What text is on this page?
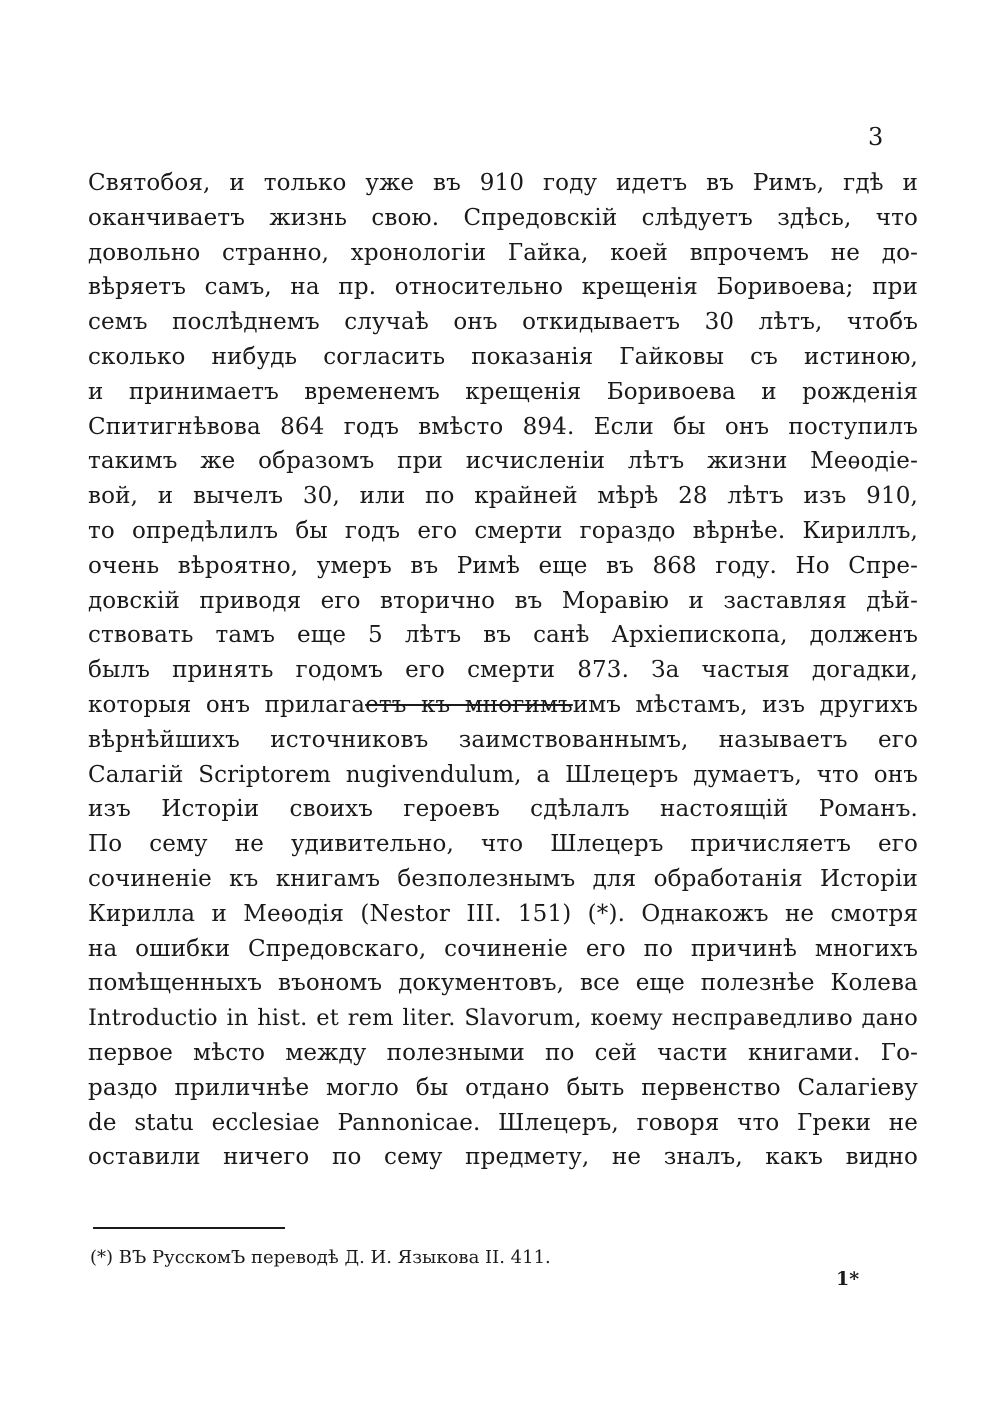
3
Святобоя, и только уже въ 910 году идетъ въ Римъ, гдѣ и
оканчиваетъ жизнь свою. Спредовскій слѣдуетъ здѣсь, что
довольно странно, хронологіи Гайка, коей впрочемъ не до-
вѣряетъ самъ, на пр. относительно крещенія Боривоева; при
семъ послѣднемъ случаѣ онъ откидываетъ 30 лѣтъ, чтобъ
сколько нибудь согласить показанія Гайковы съ истиною,
и принимаетъ временемъ крещенія Боривоева и рожденія
Спитигнѣвова 864 годъ вмѣсто 894. Если бы онъ поступилъ
такимъ же образомъ при исчисленіи лѣтъ жизни Меѳодіе-
вой, и вычелъ 30, или по крайней мѣрѣ 28 лѣтъ изъ 910,
то опредѣлилъ бы годъ его смерти гораздо вѣрнѣе. Кириллъ,
очень вѣроятно, умеръ въ Римѣ еще въ 868 году. Но Спре-
довскій приводя его вторично въ Моравію и заставляя дѣй-
ствовать тамъ еще 5 лѣтъ въ санѣ Архіепископа, долженъ
былъ принять годомъ его смерти 873. За частыя догадки,
которыя онъ прилагаетъ къ многимъимъ мѣстамъ, изъ другихъ
вѣрнѣйшихъ источниковъ заимствованнымъ, называетъ его
Салагій Scriptorem nugivendulum, а Шлецеръ думаетъ, что онъ
изъ Исторіи своихъ героевъ сдѣлалъ настоящій Романъ.
По сему не удивительно, что Шлецеръ причисляетъ его
сочиненіе къ книгамъ безполезнымъ для обработанія Исторіи
Кирилла и Меѳодія (Nestor III. 151) (*). Однакожъ не смотря
на ошибки Спредовскаго, сочиненіе его по причинѣ многихъ
помѣщенныхъ въономъ документовъ, все еще полезнѣе Колева
Introductio in hist. et rem liter. Slavorum, коему несправедливо дано
первое мѣсто между полезными по сей части книгами. Го-
раздо приличнѣе могло бы отдано быть первенство Салагіеву
de statu ecclesiae Pannonicae. Шлецеръ, говоря что Греки не
оставили ничего по сему предмету, не зналъ, какъ видно
(*) ВЪ РусскомЪ переводѣ Д. И. Языкова II. 411.
1*
